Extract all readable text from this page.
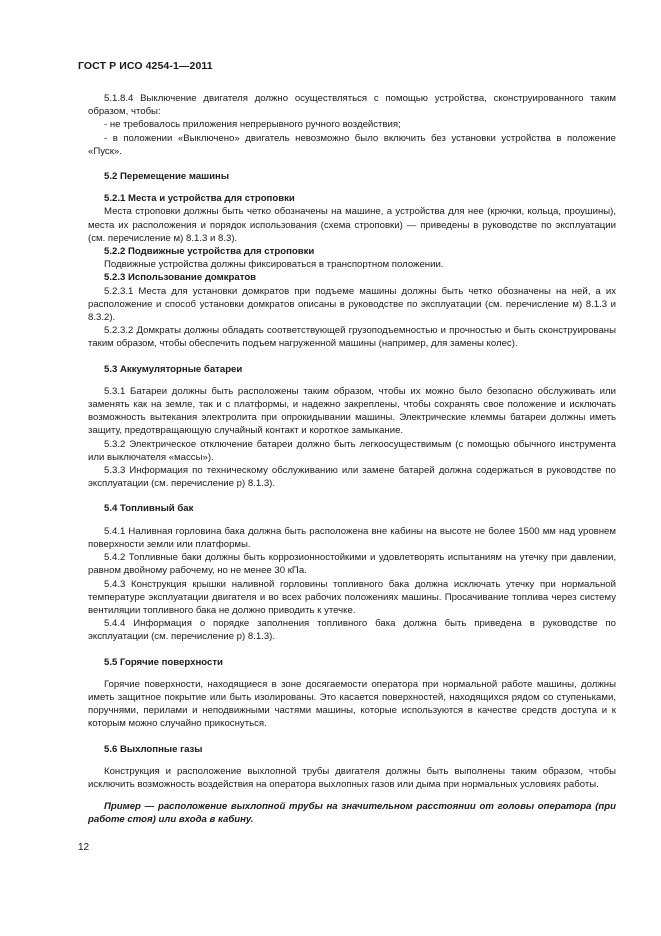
ГОСТ Р ИСО 4254-1—2011

5.1.8.4 Выключение двигателя должно осуществляться с помощью устройства, сконструированного таким образом, чтобы:

- не требовалось приложения непрерывного ручного воздействия;

- в положении «Выключено» двигатель невозможно было включить без установки устройства в положение «Пуск».

5.2 Перемещение машины

5.2.1 Места и устройства для строповки

Места строповки должны быть четко обозначены на машине, а устройства для нее (крючки, кольца, проушины), места их расположения и порядок использования (схема строповки) — приведены в руководстве по эксплуатации (см. перечисление м) 8.1.3 и 8.3).

5.2.2 Подвижные устройства для строповки

Подвижные устройства должны фиксироваться в транспортном положении.

5.2.3 Использование домкратов

5.2.3.1 Места для установки домкратов при подъеме машины должны быть четко обозначены на ней, а их расположение и способ установки домкратов описаны в руководстве по эксплуатации (см. перечисление м) 8.1.3 и 8.3.2).

5.2.3.2 Домкраты должны обладать соответствующей грузоподъемностью и прочностью и быть сконструированы таким образом, чтобы обеспечить подъем нагруженной машины (например, для замены колес).

5.3 Аккумуляторные батареи

5.3.1 Батареи должны быть расположены таким образом, чтобы их можно было безопасно обслуживать или заменять как на земле, так и с платформы, и надежно закреплены, чтобы сохранять свое положение и исключать возможность вытекания электролита при опрокидывании машины. Электрические клеммы батареи должны иметь защиту, предотвращающую случайный контакт и короткое замыкание.

5.3.2 Электрическое отключение батареи должно быть легкоосуществимым (с помощью обычного инструмента или выключателя «массы»).

5.3.3 Информация по техническому обслуживанию или замене батарей должна содержаться в руководстве по эксплуатации (см. перечисление р) 8.1.3).

5.4 Топливный бак

5.4.1 Наливная горловина бака должна быть расположена вне кабины на высоте не более 1500 мм над уровнем поверхности земли или платформы.

5.4.2 Топливные баки должны быть коррозионностойкими и удовлетворять испытаниям на утечку при давлении, равном двойному рабочему, но не менее 30 кПа.

5.4.3 Конструкция крышки наливной горловины топливного бака должна исключать утечку при нормальной температуре эксплуатации двигателя и во всех рабочих положениях машины. Просачивание топлива через систему вентиляции топливного бака не должно приводить к утечке.

5.4.4 Информация о порядке заполнения топливного бака должна быть приведена в руководстве по эксплуатации (см. перечисление р) 8.1.3).

5.5 Горячие поверхности

Горячие поверхности, находящиеся в зоне досягаемости оператора при нормальной работе машины, должны иметь защитное покрытие или быть изолированы. Это касается поверхностей, находящихся рядом со ступеньками, поручнями, перилами и неподвижными частями машины, которые используются в качестве средств доступа и к которым можно случайно прикоснуться.

5.6 Выхлопные газы

Конструкция и расположение выхлопной трубы двигателя должны быть выполнены таким образом, чтобы исключить возможность воздействия на оператора выхлопных газов или дыма при нормальных условиях работы.

Пример — расположение выхлопной трубы на значительном расстоянии от головы оператора (при работе стоя) или входа в кабину.

12
